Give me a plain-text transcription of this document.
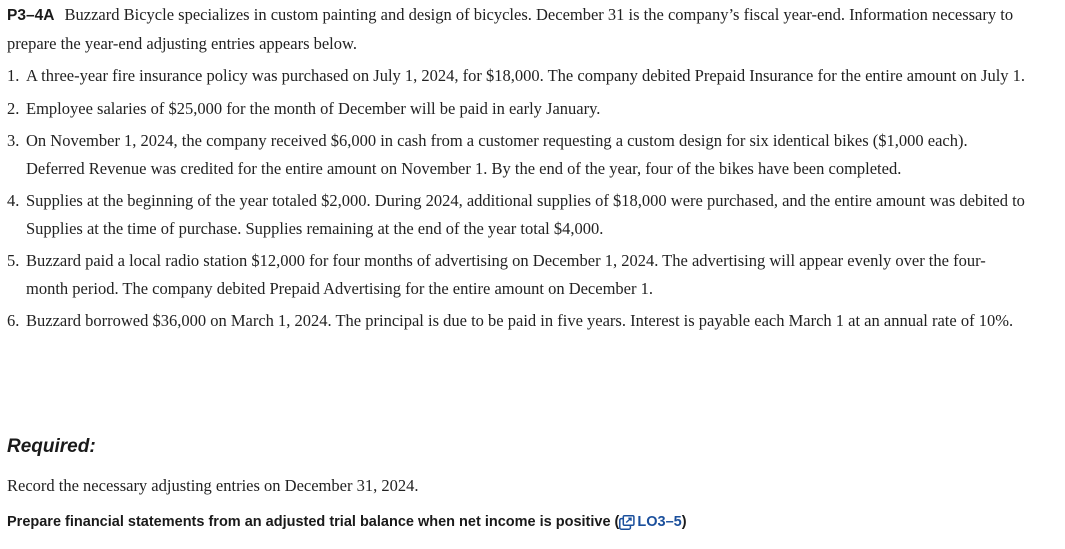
P3–4A Buzzard Bicycle specializes in custom painting and design of bicycles. December 31 is the company’s fiscal year-end. Information necessary to prepare the year-end adjusting entries appears below.
1. A three-year fire insurance policy was purchased on July 1, 2024, for $18,000. The company debited Prepaid Insurance for the entire amount on July 1.
2. Employee salaries of $25,000 for the month of December will be paid in early January.
3. On November 1, 2024, the company received $6,000 in cash from a customer requesting a custom design for six identical bikes ($1,000 each). Deferred Revenue was credited for the entire amount on November 1. By the end of the year, four of the bikes have been completed.
4. Supplies at the beginning of the year totaled $2,000. During 2024, additional supplies of $18,000 were purchased, and the entire amount was debited to Supplies at the time of purchase. Supplies remaining at the end of the year total $4,000.
5. Buzzard paid a local radio station $12,000 for four months of advertising on December 1, 2024. The advertising will appear evenly over the four-month period. The company debited Prepaid Advertising for the entire amount on December 1.
6. Buzzard borrowed $36,000 on March 1, 2024. The principal is due to be paid in five years. Interest is payable each March 1 at an annual rate of 10%.
Required:
Record the necessary adjusting entries on December 31, 2024.
Prepare financial statements from an adjusted trial balance when net income is positive ( LO3–5 )
